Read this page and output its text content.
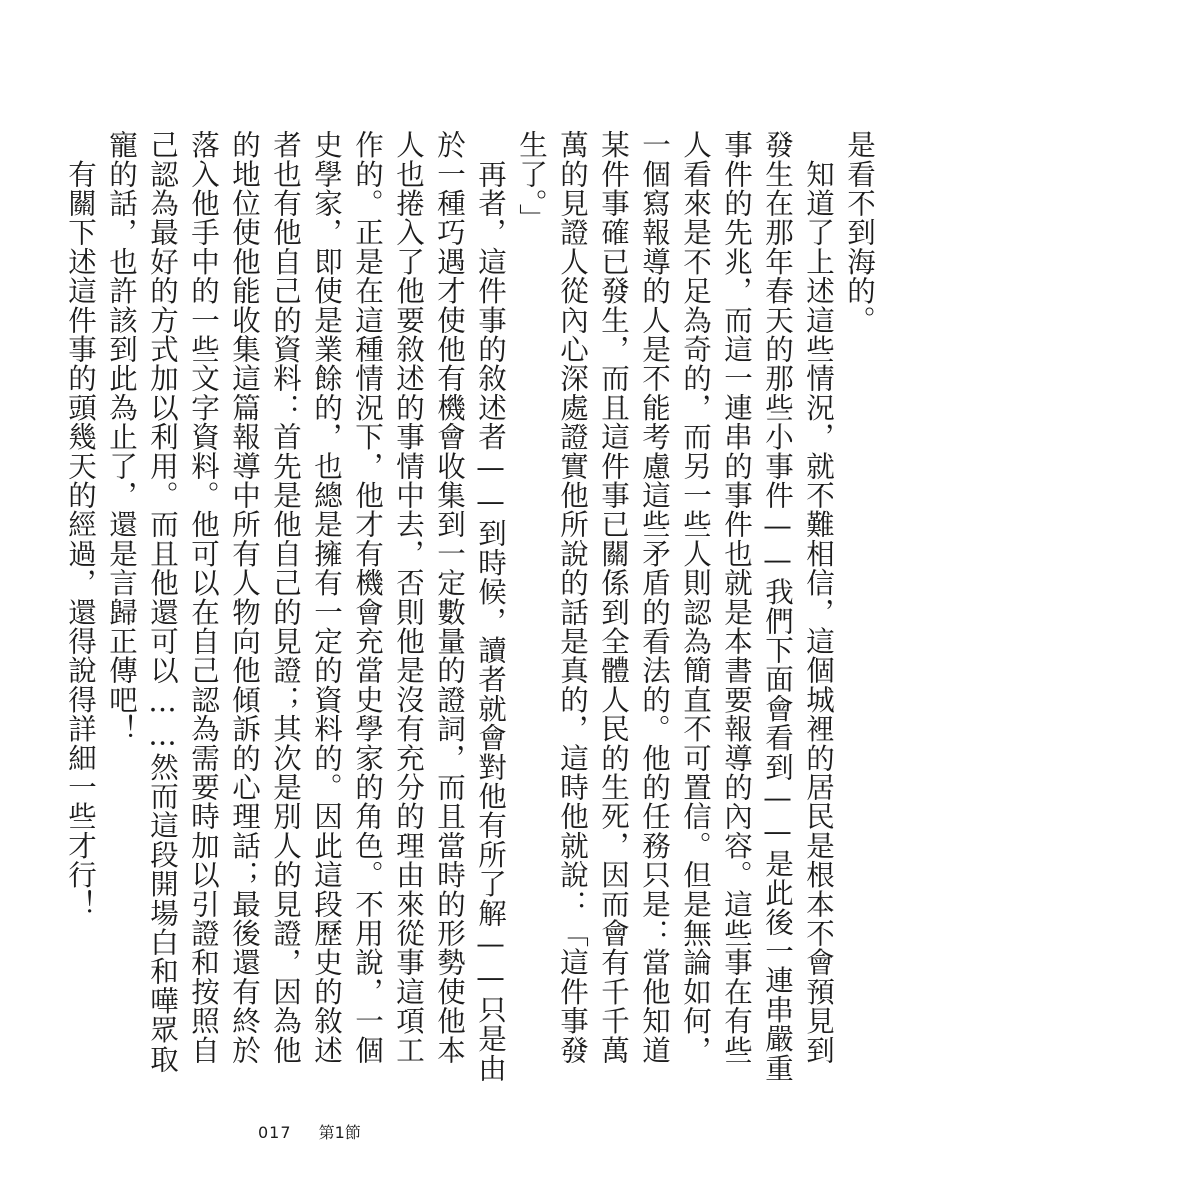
是看不到海的。

　知道了上述這些情況，就不難相信，這個城裡的居民是根本不會預見到發生在那年春天的那些小事件——我們下面會看到——是此後一連串嚴重事件的先兆，而這一連串的事件也就是本書要報導的內容。這些事在有些人看來是不足為奇的，而另一些人則認為簡直不可置信。但是無論如何，一個寫報導的人是不能考慮這些矛盾的看法的。他的任務只是：當他知道某件事確已發生，而且這件事已關係到全體人民的生死，因而會有千千萬萬的見證人從內心深處證實他所說的話是真的，這時他就說：「這件事發生了。」

　再者，這件事的敘述者——到時候，讀者就會對他有所了解——只是由於一種巧遇才使他有機會收集到一定數量的證詞，而且當時的形勢使他本人也捲入了他要敘述的事情中去，否則他是沒有充分的理由來從事這項工作的。正是在這種情況下，他才有機會充當史學家的角色。不用說，一個史學家，即使是業餘的，也總是擁有一定的資料的。因此這段歷史的敘述者也有他自己的資料：首先是他自己的見證；其次是別人的見證，因為他的地位使他能收集這篇報導中所有人物向他傾訴的心理話；最後還有終於落入他手中的一些文字資料。他可以在自己認為需要時加以引證和按照自己認為最好的方式加以利用。而且他還可以……然而這段開場白和嘩眾取寵的話，也許該到此為止了，還是言歸正傳吧！

　有關下述這件事的頭幾天的經過，還得說得詳細一些才行！

017 第1節
